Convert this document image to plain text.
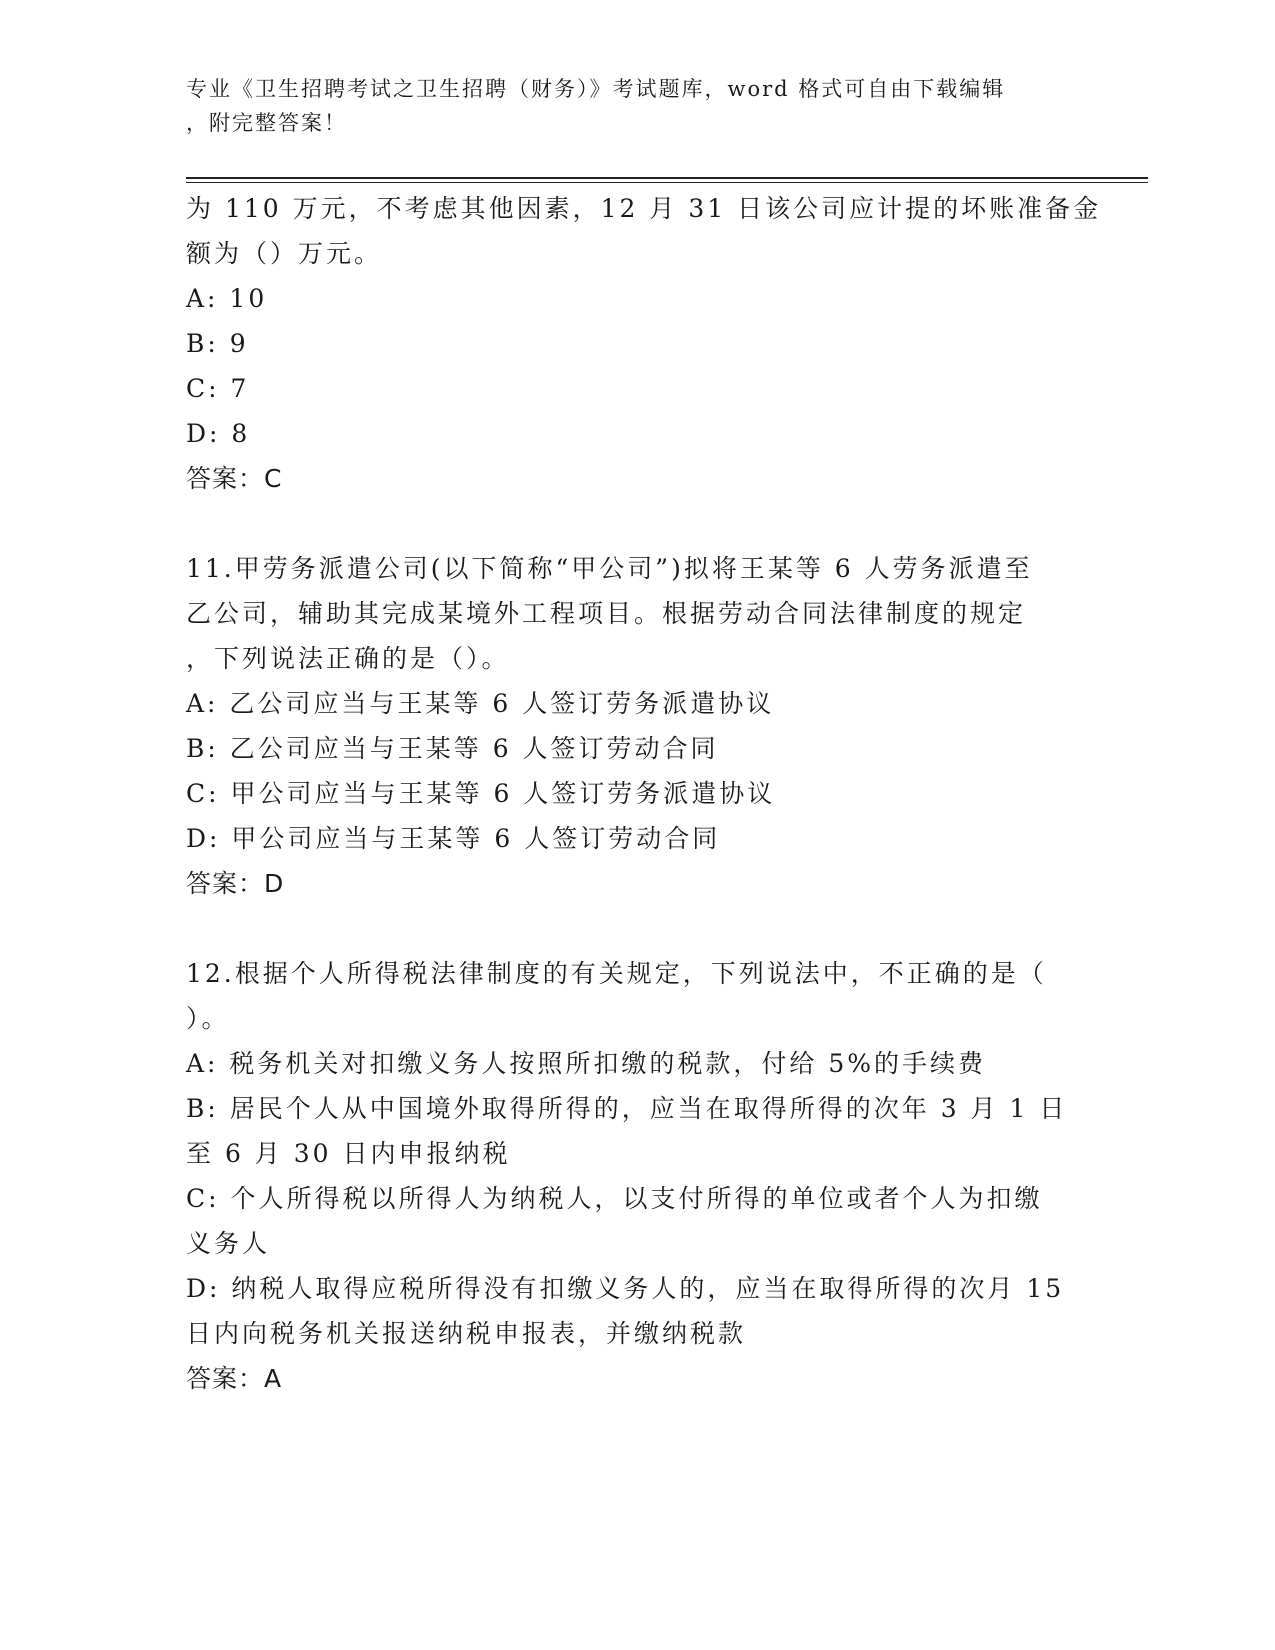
专业《卫生招聘考试之卫生招聘（财务）》考试题库，word 格式可自由下载编辑
，附完整答案！
为 110 万元，不考虑其他因素，12 月 31 日该公司应计提的坏账准备金
额为（）万元。
A: 10
B: 9
C: 7
D: 8
答案：C
11.甲劳务派遣公司(以下简称“甲公司”)拟将王某等 6 人劳务派遣至
乙公司，辅助其完成某境外工程项目。根据劳动合同法律制度的规定
，下列说法正确的是（）。
A: 乙公司应当与王某等 6 人签订劳务派遣协议
B: 乙公司应当与王某等 6 人签订劳动合同
C: 甲公司应当与王某等 6 人签订劳务派遣协议
D: 甲公司应当与王某等 6 人签订劳动合同
答案：D
12.根据个人所得税法律制度的有关规定，下列说法中，不正确的是（
）。
A: 税务机关对扣缴义务人按照所扣缴的税款，付给 5%的手续费
B: 居民个人从中国境外取得所得的，应当在取得所得的次年 3 月 1 日
至 6 月 30 日内申报纳税
C: 个人所得税以所得人为纳税人，以支付所得的单位或者个人为扣缴
义务人
D: 纳税人取得应税所得没有扣缴义务人的，应当在取得所得的次月 15
日内向税务机关报送纳税申报表，并缴纳税款
答案：A
